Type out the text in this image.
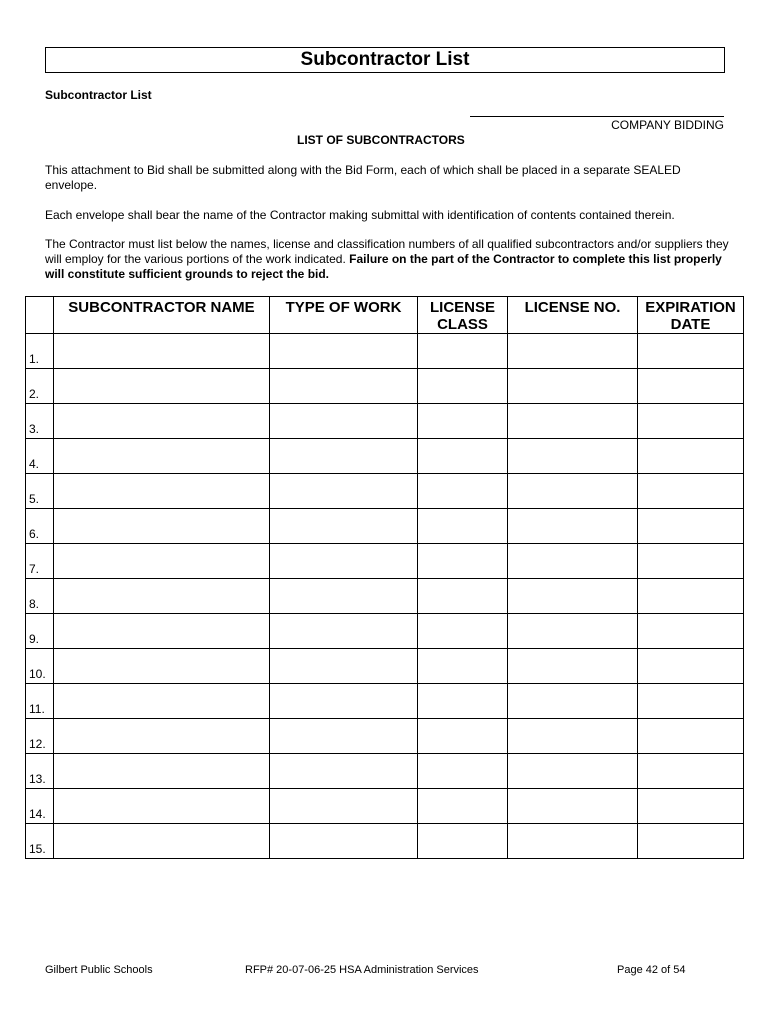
Subcontractor List
Subcontractor List
COMPANY BIDDING
LIST OF SUBCONTRACTORS
This attachment to Bid shall be submitted along with the Bid Form, each of which shall be placed in a separate SEALED envelope.
Each envelope shall bear the name of the Contractor making submittal with identification of contents contained therein.
The Contractor must list below the names, license and classification numbers of all qualified subcontractors and/or suppliers they will employ for the various portions of the work indicated. Failure on the part of the Contractor to complete this list properly will constitute sufficient grounds to reject the bid.
	SUBCONTRACTOR NAME	TYPE OF WORK	LICENSE CLASS	LICENSE NO.	EXPIRATION DATE
1.					
2.					
3.					
4.					
5.					
6.					
7.					
8.					
9.					
10.					
11.					
12.					
13.					
14.					
15.					
Gilbert Public Schools	RFP# 20-07-06-25 HSA Administration Services	Page 42 of 54
